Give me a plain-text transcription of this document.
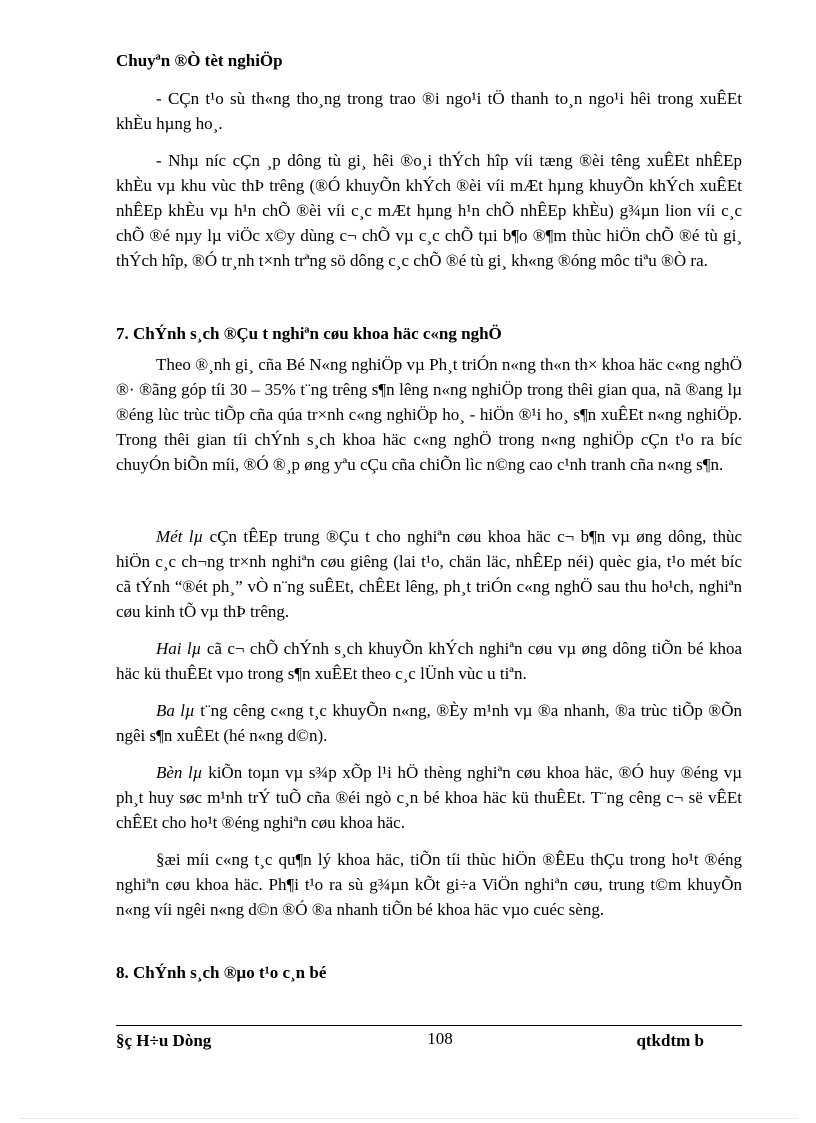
Chuyªn ®Ò tèt nghiÖp

- CÇn t¹o sù th«ng tho¸ng trong trao ®i ngo¹i tÖ thanh to¸n ngo¹i hêi trong xuÊEt khÈu hµng ho¸.

- Nhµ níc cÇn ¸p dông tù gi¸ hêi ®o¸i thÝch hîp víi tæng ®èi têng xuÊEt nhÊEp khÈu vµ khu vùc thÞ trêng (®Ó khuyÕn khÝch ®èi víi mÆt hµng khuyÕn khÝch xuÊEt nhÊEp khÈu vµ h¹n chÕ ®èi víi c¸c mÆt hµng h¹n chÕ nhÊEp khÈu) g¾µn lion víi c¸c chÕ ®é nµy lµ viÖc x©y dùng c¬ chÕ vµ c¸c chÕ tµi b¶o ®¶m thùc hiÖn chÕ ®é tù gi¸ thÝch hîp, ®Ó tr¸nh t×nh trªng sö dông c¸c chÕ ®é tù gi¸ kh«ng ®óng môc tiªu ®Ò ra.

7. ChÝnh s¸ch ®Çu t nghiªn cøu khoa häc c«ng nghÖ

Theo ®¸nh gi¸ cña Bé N«ng nghiÖp vµ Ph¸t triÓn n«ng th«n th× khoa häc c«ng nghÖ ®· ®ãng góp tíi 30 – 35% t¨ng trêng s¶n lêng n«ng nghiÖp trong thêi gian qua, nã ®ang lµ ®éng lùc trùc tiÕp cña qúa tr×nh c«ng nghiÖp ho¸ - hiÖn ®¹i ho¸ s¶n xuÊEt n«ng nghiÖp. Trong thêi gian tíi chÝnh s¸ch khoa häc c«ng nghÖ trong n«ng nghiÖp cÇn t¹o ra bíc chuyÓn biÕn míi, ®Ó ®¸p øng yªu cÇu cña chiÕn lìc n©ng cao c¹nh tranh cña n«ng s¶n.

Mét lµ cÇn tÊEp trung ®Çu t cho nghiªn cøu khoa häc c¬ b¶n vµ øng dông, thùc hiÖn c¸c ch¬ng tr×nh nghiªn cøu giêng (lai t¹o, chän läc, nhÊEp néi) quèc gia, t¹o mét bíc cã tÝnh “®ét ph¸” vÒ n¨ng suÊEt, chÊEt lêng, ph¸t triÓn c«ng nghÖ sau thu ho¹ch, nghiªn cøu kinh tÕ vµ thÞ trêng.

Hai lµ cã c¬ chÕ chÝnh s¸ch khuyÕn khÝch nghiªn cøu vµ øng dông tiÕn bé khoa häc kü thuÊEt vµo trong s¶n xuÊEt theo c¸c lÜnh vùc u tiªn.

Ba lµ t¨ng cêng c«ng t¸c khuyÕn n«ng, ®Èy m¹nh vµ ®a nhanh, ®a trùc tiÕp ®Õn ngêi s¶n xuÊEt (hé n«ng d©n).

Bèn lµ kiÕn toµn vµ s¾p xÕp l¹i hÖ thèng nghiªn cøu khoa häc, ®Ó huy ®éng vµ ph¸t huy søc m¹nh trÝ tuÕ cña ®éi ngò c¸n bé khoa häc kü thuÊEt. T¨ng cêng c¬ së vÊEt chÊEt cho ho¹t ®éng nghiªn cøu khoa häc.

§æi míi c«ng t¸c qu¶n lý khoa häc, tiÕn tíi thùc hiÖn ®ÊEu thÇu trong ho¹t ®éng nghiªn cøu khoa häc. Ph¶i t¹o ra sù g¾µn kÕt gi÷a ViÖn nghiªn cøu, trung t©m khuyÕn n«ng víi ngêi n«ng d©n ®Ó ®a nhanh tiÕn bé khoa häc vµo cuéc sèng.

8. ChÝnh s¸ch ®µo t¹o c¸n bé

§ç H÷u Dòng	108	qtkdtm b
